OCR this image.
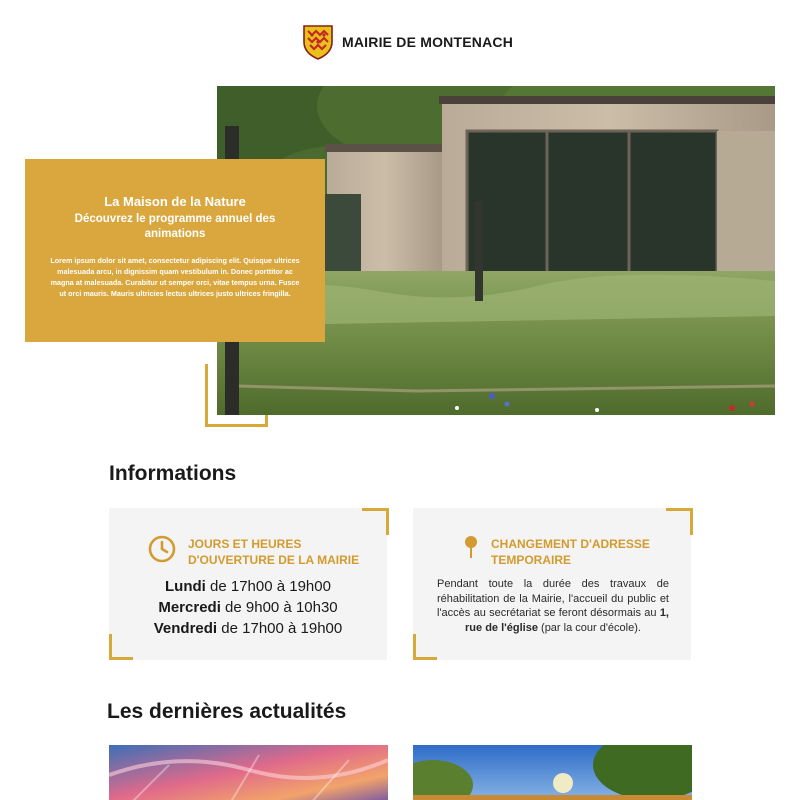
MAIRIE DE MONTENACH
La Maison de la Nature
Découvrez le programme annuel des animations
Lorem ipsum dolor sit amet, consectetur adipiscing elit. Quisque ultrices malesuada arcu, in dignissim quam vestibulum in. Donec porttitor ac magna at malesuada. Curabitur ut semper orci, vitae tempus urna. Fusce ut orci mauris. Mauris ultricies lectus ultrices justo ultrices fringilla.
Informations
JOURS ET HEURES D'OUVERTURE DE LA MAIRIE
Lundi de 17h00 à 19h00
Mercredi de 9h00 à 10h30
Vendredi de 17h00 à 19h00
CHANGEMENT D'ADRESSE TEMPORAIRE
Pendant toute la durée des travaux de réhabilitation de la Mairie, l'accueil du public et l'accès au secrétariat se feront désormais au 1, rue de l'église (par la cour d'école).
Les dernières actualités
